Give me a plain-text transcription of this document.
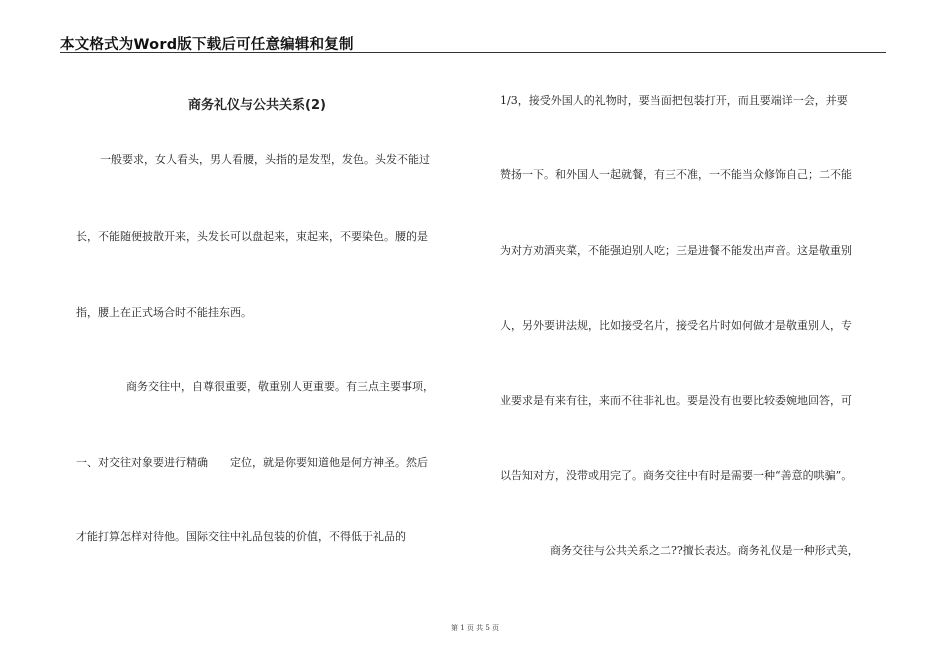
本文格式为Word版下载后可任意编辑和复制
商务礼仪与公共关系(2)
一般要求，女人看头，男人看腰，头指的是发型，发色。头发不能过
长，不能随便披散开来，头发长可以盘起来，束起来，不要染色。腰的是
指，腰上在正式场合时不能挂东西。
商务交往中，自尊很重要，敬重别人更重要。有三点主要事项，
一、对交往对象要进行精确　　定位，就是你要知道他是何方神圣。然后
才能打算怎样对待他。国际交往中礼品包装的价值，不得低于礼品的
1/3，接受外国人的礼物时，要当面把包装打开，而且要端详一会，并要
赞扬一下。和外国人一起就餐，有三不准，一不能当众修饰自己；二不能
为对方劝酒夹菜，不能强迫别人吃；三是进餐不能发出声音。这是敬重别
人，另外要讲法规，比如接受名片，接受名片时如何做才是敬重别人，专
业要求是有来有往，来而不往非礼也。要是没有也要比较委婉地回答，可
以告知对方，没带或用完了。商务交往中有时是需要一种“善意的哄骗”。
商务交往与公共关系之二??擅长表达。商务礼仪是一种形式美，
第 1 页 共 5 页
